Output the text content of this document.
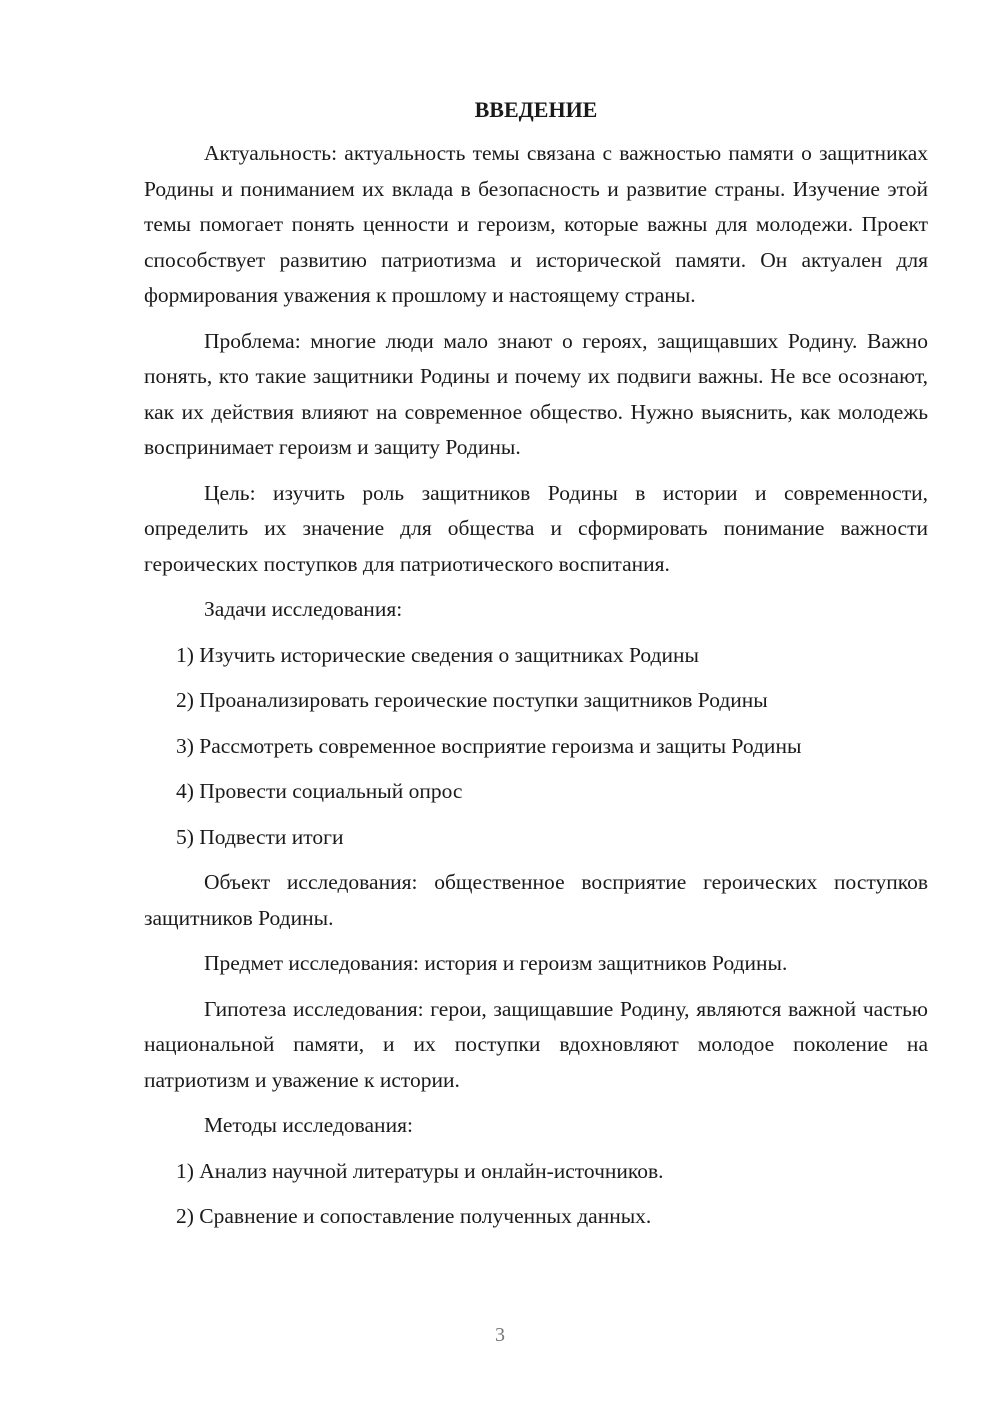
ВВЕДЕНИЕ

Актуальность: актуальность темы связана с важностью памяти о защитниках Родины и пониманием их вклада в безопасность и развитие страны. Изучение этой темы помогает понять ценности и героизм, которые важны для молодежи. Проект способствует развитию патриотизма и исторической памяти. Он актуален для формирования уважения к прошлому и настоящему страны.

Проблема: многие люди мало знают о героях, защищавших Родину. Важно понять, кто такие защитники Родины и почему их подвиги важны. Не все осознают, как их действия влияют на современное общество. Нужно выяснить, как молодежь воспринимает героизм и защиту Родины.

Цель: изучить роль защитников Родины в истории и современности, определить их значение для общества и сформировать понимание важности героических поступков для патриотического воспитания.

Задачи исследования:

1) Изучить исторические сведения о защитниках Родины
2) Проанализировать героические поступки защитников Родины
3) Рассмотреть современное восприятие героизма и защиты Родины
4) Провести социальный опрос
5) Подвести итоги

Объект исследования: общественное восприятие героических поступков защитников Родины.

Предмет исследования: история и героизм защитников Родины.

Гипотеза исследования: герои, защищавшие Родину, являются важной частью национальной памяти, и их поступки вдохновляют молодое поколение на патриотизм и уважение к истории.

Методы исследования:

1) Анализ научной литературы и онлайн-источников.
2) Сравнение и сопоставление полученных данных.
3
